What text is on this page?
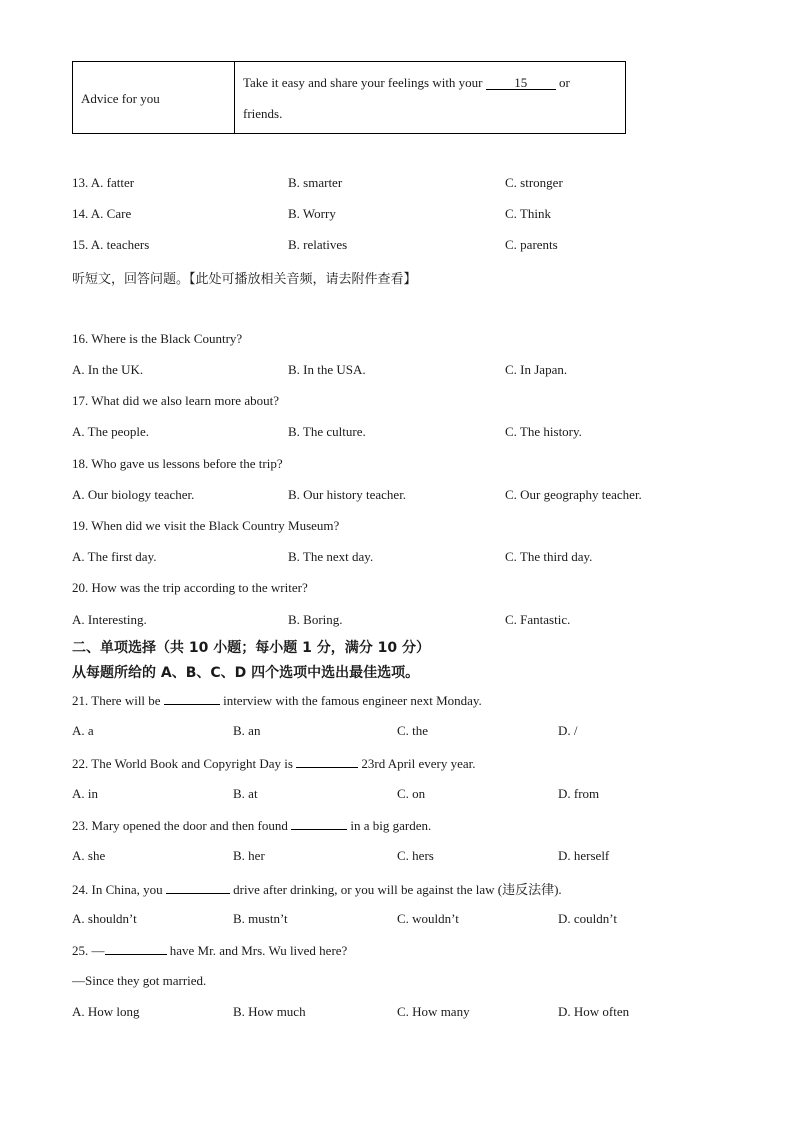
Advice for you
Take it easy and share your feelings with your 15 or
friends.
13. A. fatter	B. smarter	C. stronger
14. A. Care	B. Worry	C. Think
15. A. teachers	B. relatives	C. parents
听短文，回答问题。【此处可播放相关音频，请去附件查看】
16. Where is the Black Country?
A. In the UK.	B. In the USA.	C. In Japan.
17. What did we also learn more about?
A. The people.	B. The culture.	C. The history.
18. Who gave us lessons before the trip?
A. Our biology teacher.	B. Our history teacher.	C. Our geography teacher.
19. When did we visit the Black Country Museum?
A. The first day.	B. The next day.	C. The third day.
20. How was the trip according to the writer?
A. Interesting.	B. Boring.	C. Fantastic.
二、单项选择（共 10 小题；每小题 1 分，满分 10 分）
从每题所给的 A、B、C、D 四个选项中选出最佳选项。
21. There will be	interview with the famous engineer next Monday.
A. a	B. an	C. the	D. /
22. The World Book and Copyright Day is	23rd April every year.
A. in	B. at	C. on	D. from
23. Mary opened the door and then found	in a big garden.
A. she	B. her	C. hers	D. herself
24. In China, you	drive after drinking, or you will be against the law (违反法律).
A. shouldn’t	B. mustn’t	C. wouldn’t	D. couldn’t
25. —	have Mr. and Mrs. Wu lived here?
—Since they got married.
A. How long	B. How much	C. How many	D. How often
